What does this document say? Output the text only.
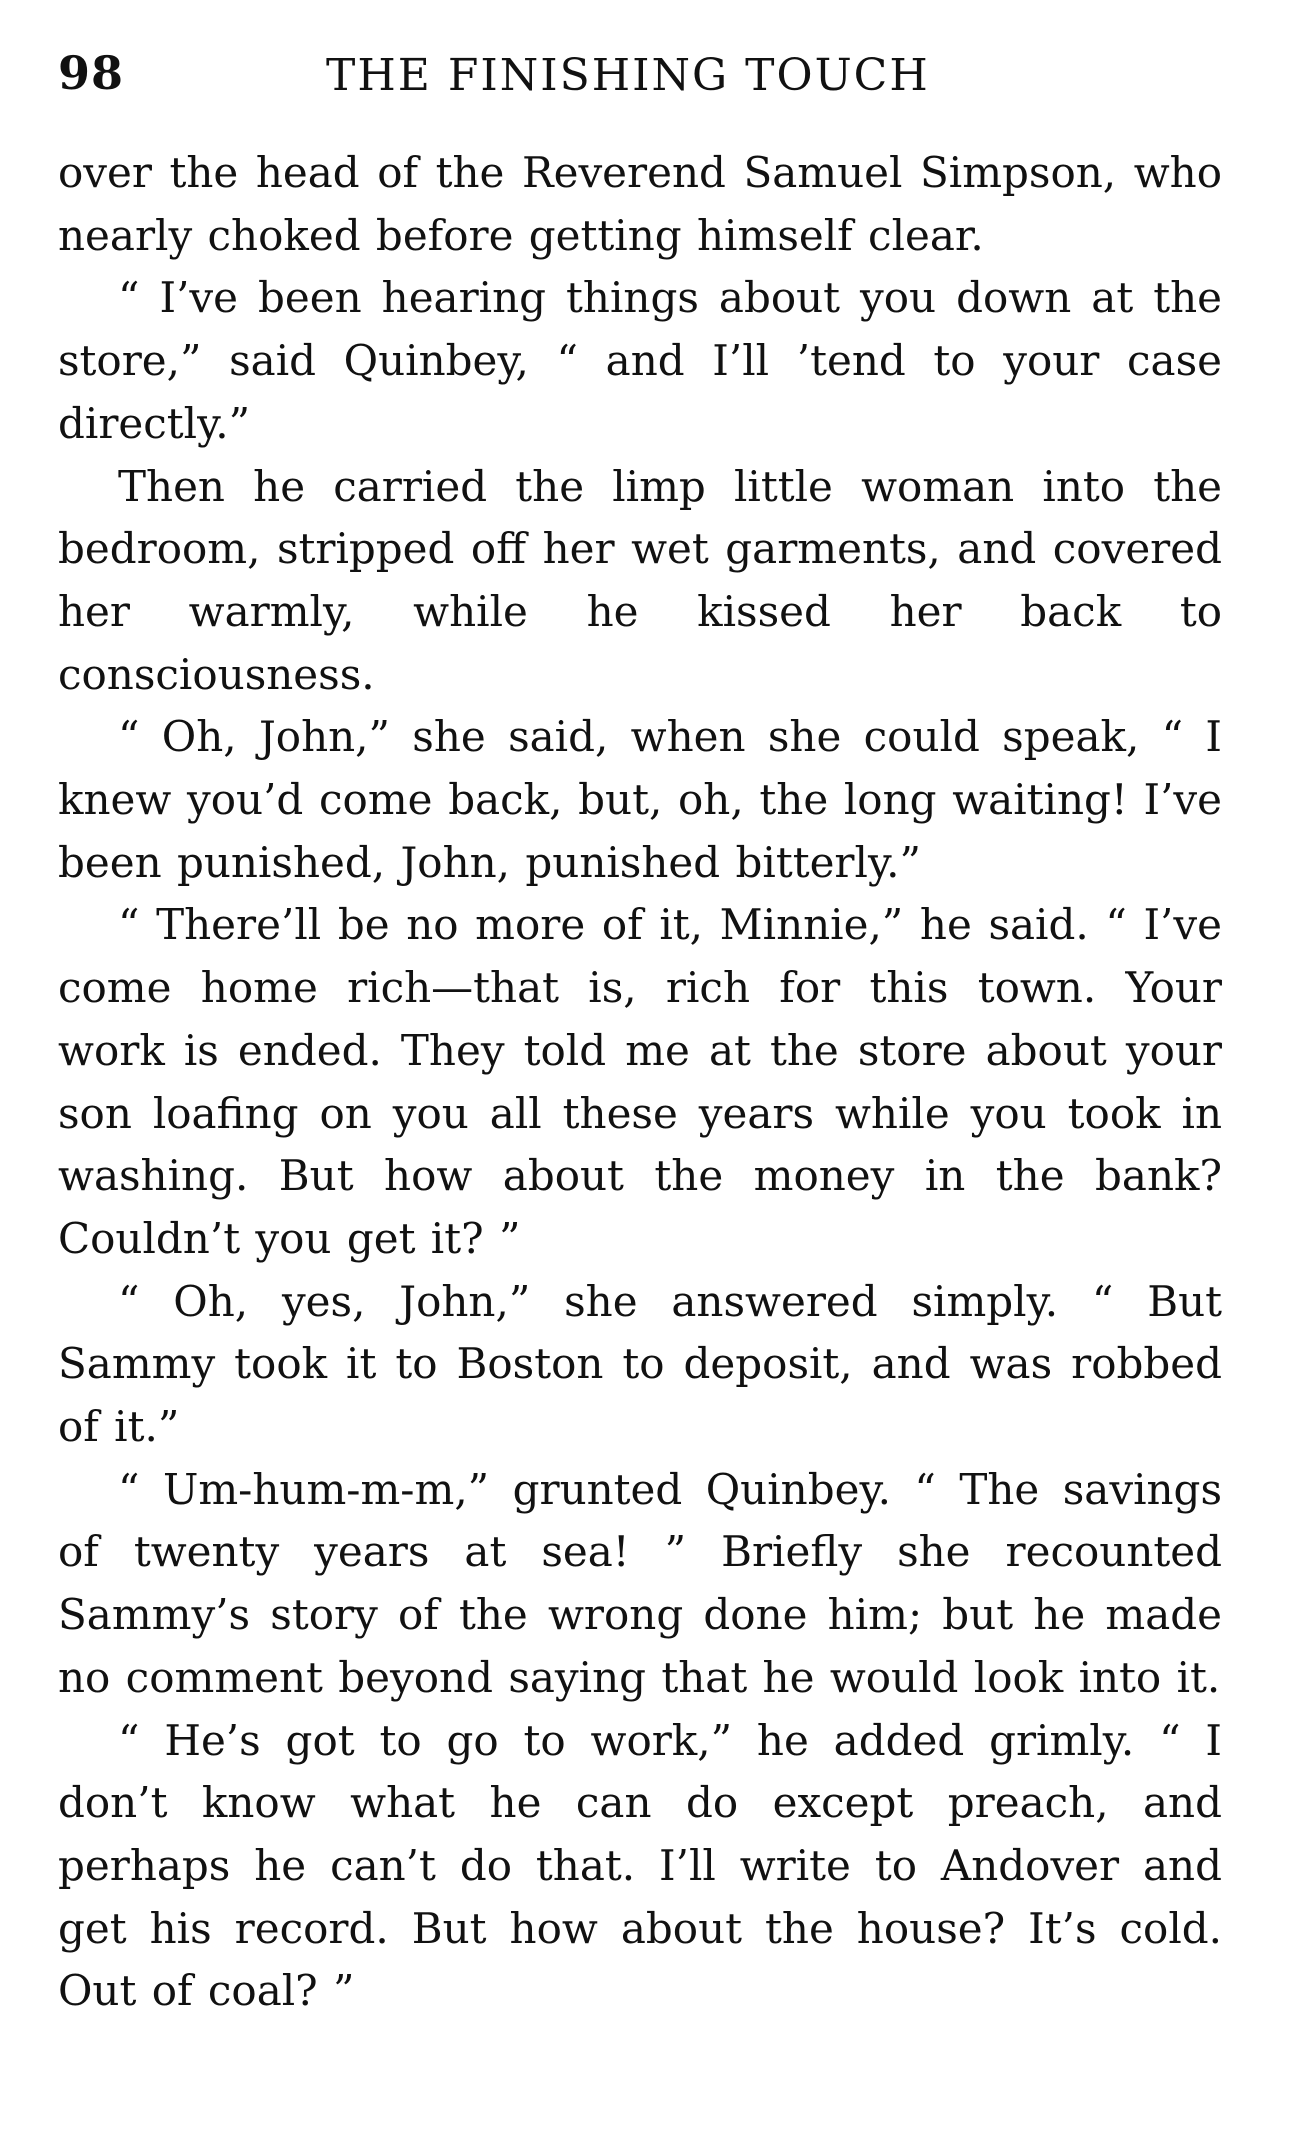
98	THE FINISHING TOUCH

over the head of the Reverend Samuel Simpson, who nearly choked before getting himself clear.

“ I’ve been hearing things about you down at the store,” said Quinbey, “ and I’ll ’tend to your case directly.”

Then he carried the limp little woman into the bedroom, stripped off her wet garments, and covered her warmly, while he kissed her back to consciousness.

“ Oh, John,” she said, when she could speak, “ I knew you’d come back, but, oh, the long waiting! I’ve been punished, John, punished bitterly.”

“ There’ll be no more of it, Minnie,” he said. “ I’ve come home rich—that is, rich for this town. Your work is ended. They told me at the store about your son loafing on you all these years while you took in washing. But how about the money in the bank? Couldn’t you get it? ”

“ Oh, yes, John,” she answered simply. “ But Sammy took it to Boston to deposit, and was robbed of it.”

“ Um-hum-m-m,” grunted Quinbey. “ The savings of twenty years at sea! ” Briefly she recounted Sammy’s story of the wrong done him; but he made no comment beyond saying that he would look into it.

“ He’s got to go to work,” he added grimly. “ I don’t know what he can do except preach, and perhaps he can’t do that. I’ll write to Andover and get his record. But how about the house? It’s cold. Out of coal? ”
